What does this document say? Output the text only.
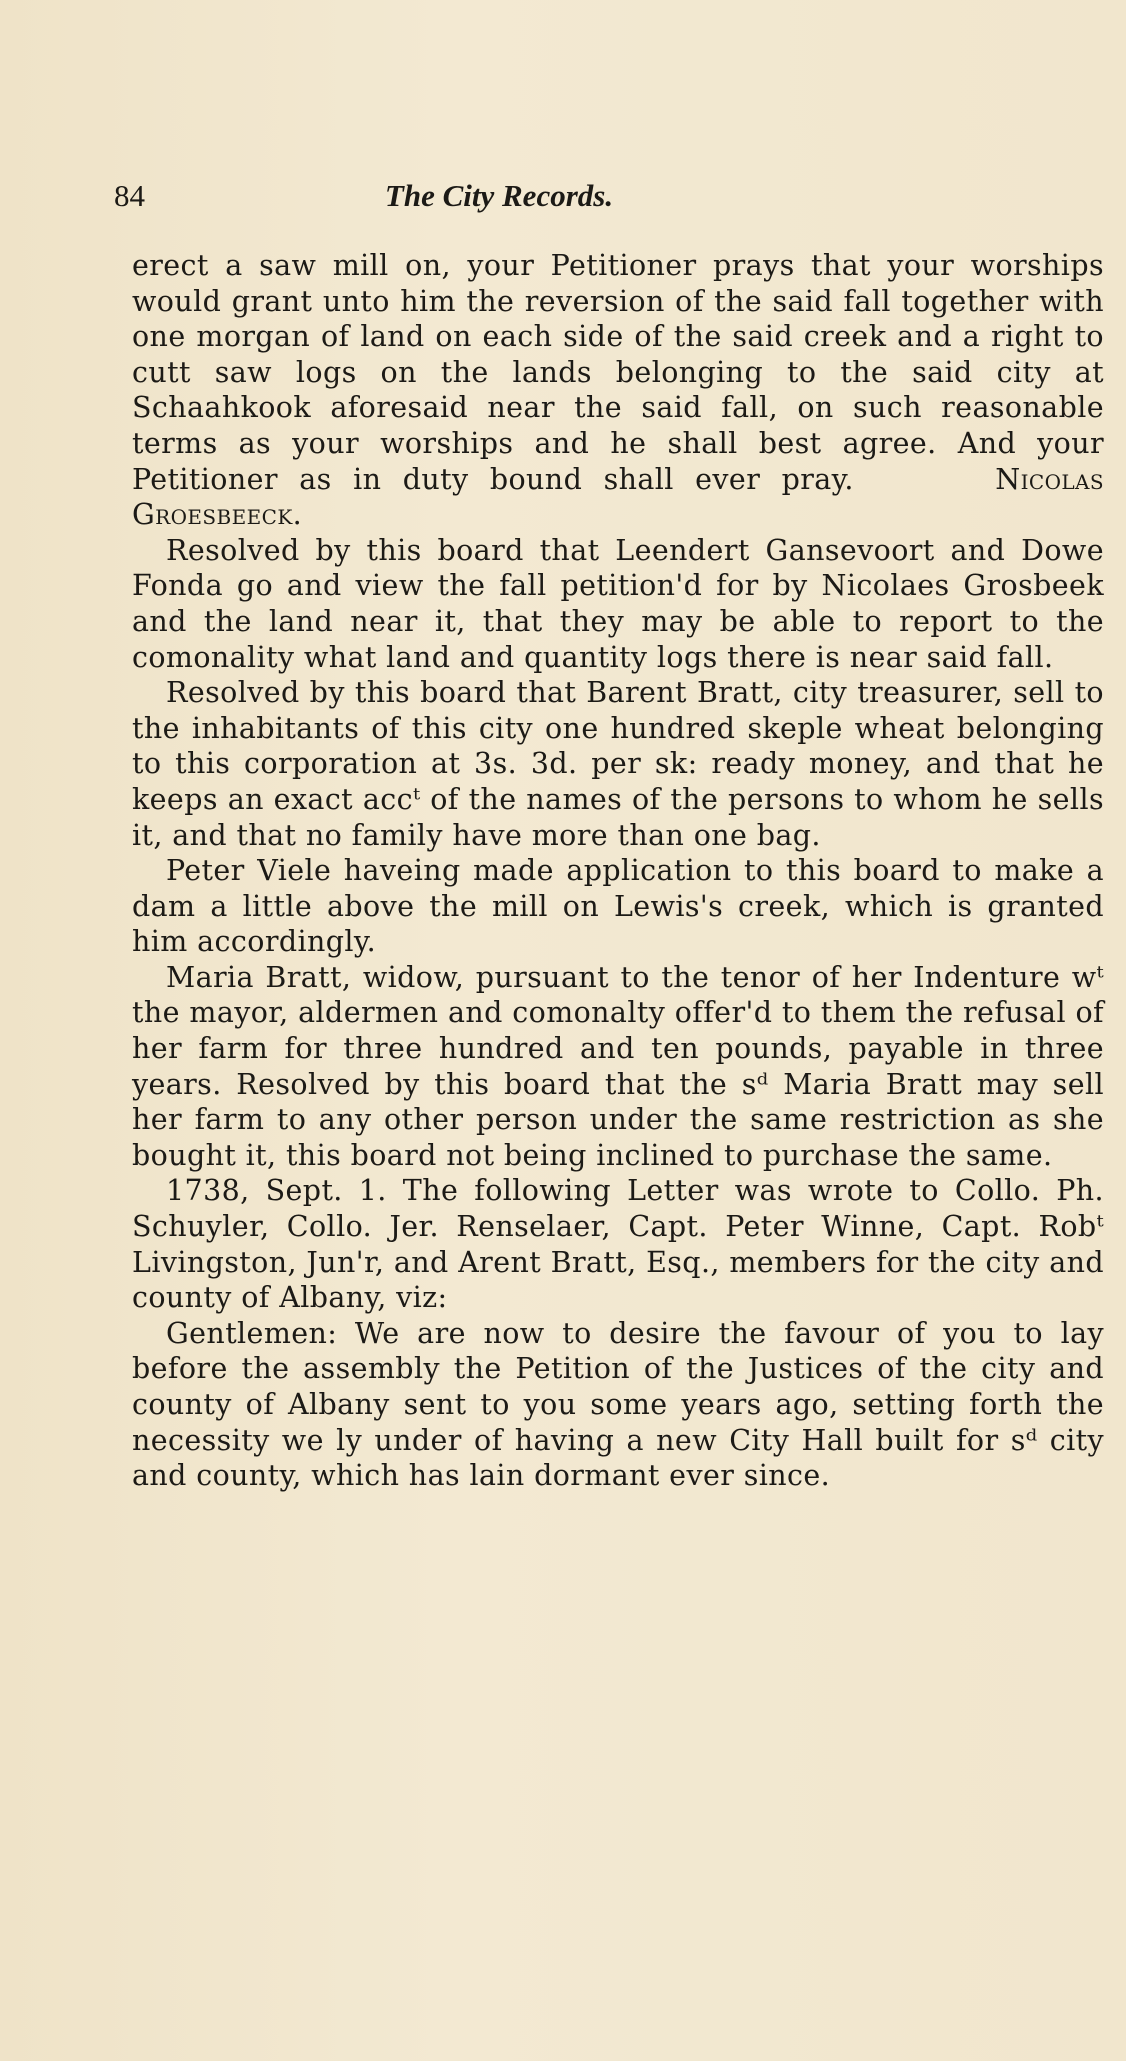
84	The City Records.

erect a saw mill on, your Petitioner prays that your worships would grant unto him the reversion of the said fall together with one morgan of land on each side of the said creek and a right to cutt saw logs on the lands belonging to the said city at Schaahkook aforesaid near the said fall, on such reasonable terms as your worships and he shall best agree. And your Petitioner as in duty bound shall ever pray.	Nicolas Groesbeeck.

Resolved by this board that Leendert Gansevoort and Dowe Fonda go and view the fall petition'd for by Nicolaes Grosbeek and the land near it, that they may be able to report to the comonality what land and quantity logs there is near said fall.

Resolved by this board that Barent Bratt, city treasurer, sell to the inhabitants of this city one hundred skeple wheat belonging to this corporation at 3s. 3d. per sk: ready money, and that he keeps an exact accᵗ of the names of the persons to whom he sells it, and that no family have more than one bag.

Peter Viele haveing made application to this board to make a dam a little above the mill on Lewis's creek, which is granted him accordingly.

Maria Bratt, widow, pursuant to the tenor of her Indenture wᵗ the mayor, aldermen and comonalty offer'd to them the refusal of her farm for three hundred and ten pounds, payable in three years. Resolved by this board that the sᵈ Maria Bratt may sell her farm to any other person under the same restriction as she bought it, this board not being inclined to purchase the same.

1738, Sept. 1. The following Letter was wrote to Collo. Ph. Schuyler, Collo. Jer. Renselaer, Capt. Peter Winne, Capt. Robᵗ Livingston, Jun'r, and Arent Bratt, Esq., members for the city and county of Albany, viz:

Gentlemen: We are now to desire the favour of you to lay before the assembly the Petition of the Justices of the city and county of Albany sent to you some years ago, setting forth the necessity we ly under of having a new City Hall built for sᵈ city and county, which has lain dormant ever since.
